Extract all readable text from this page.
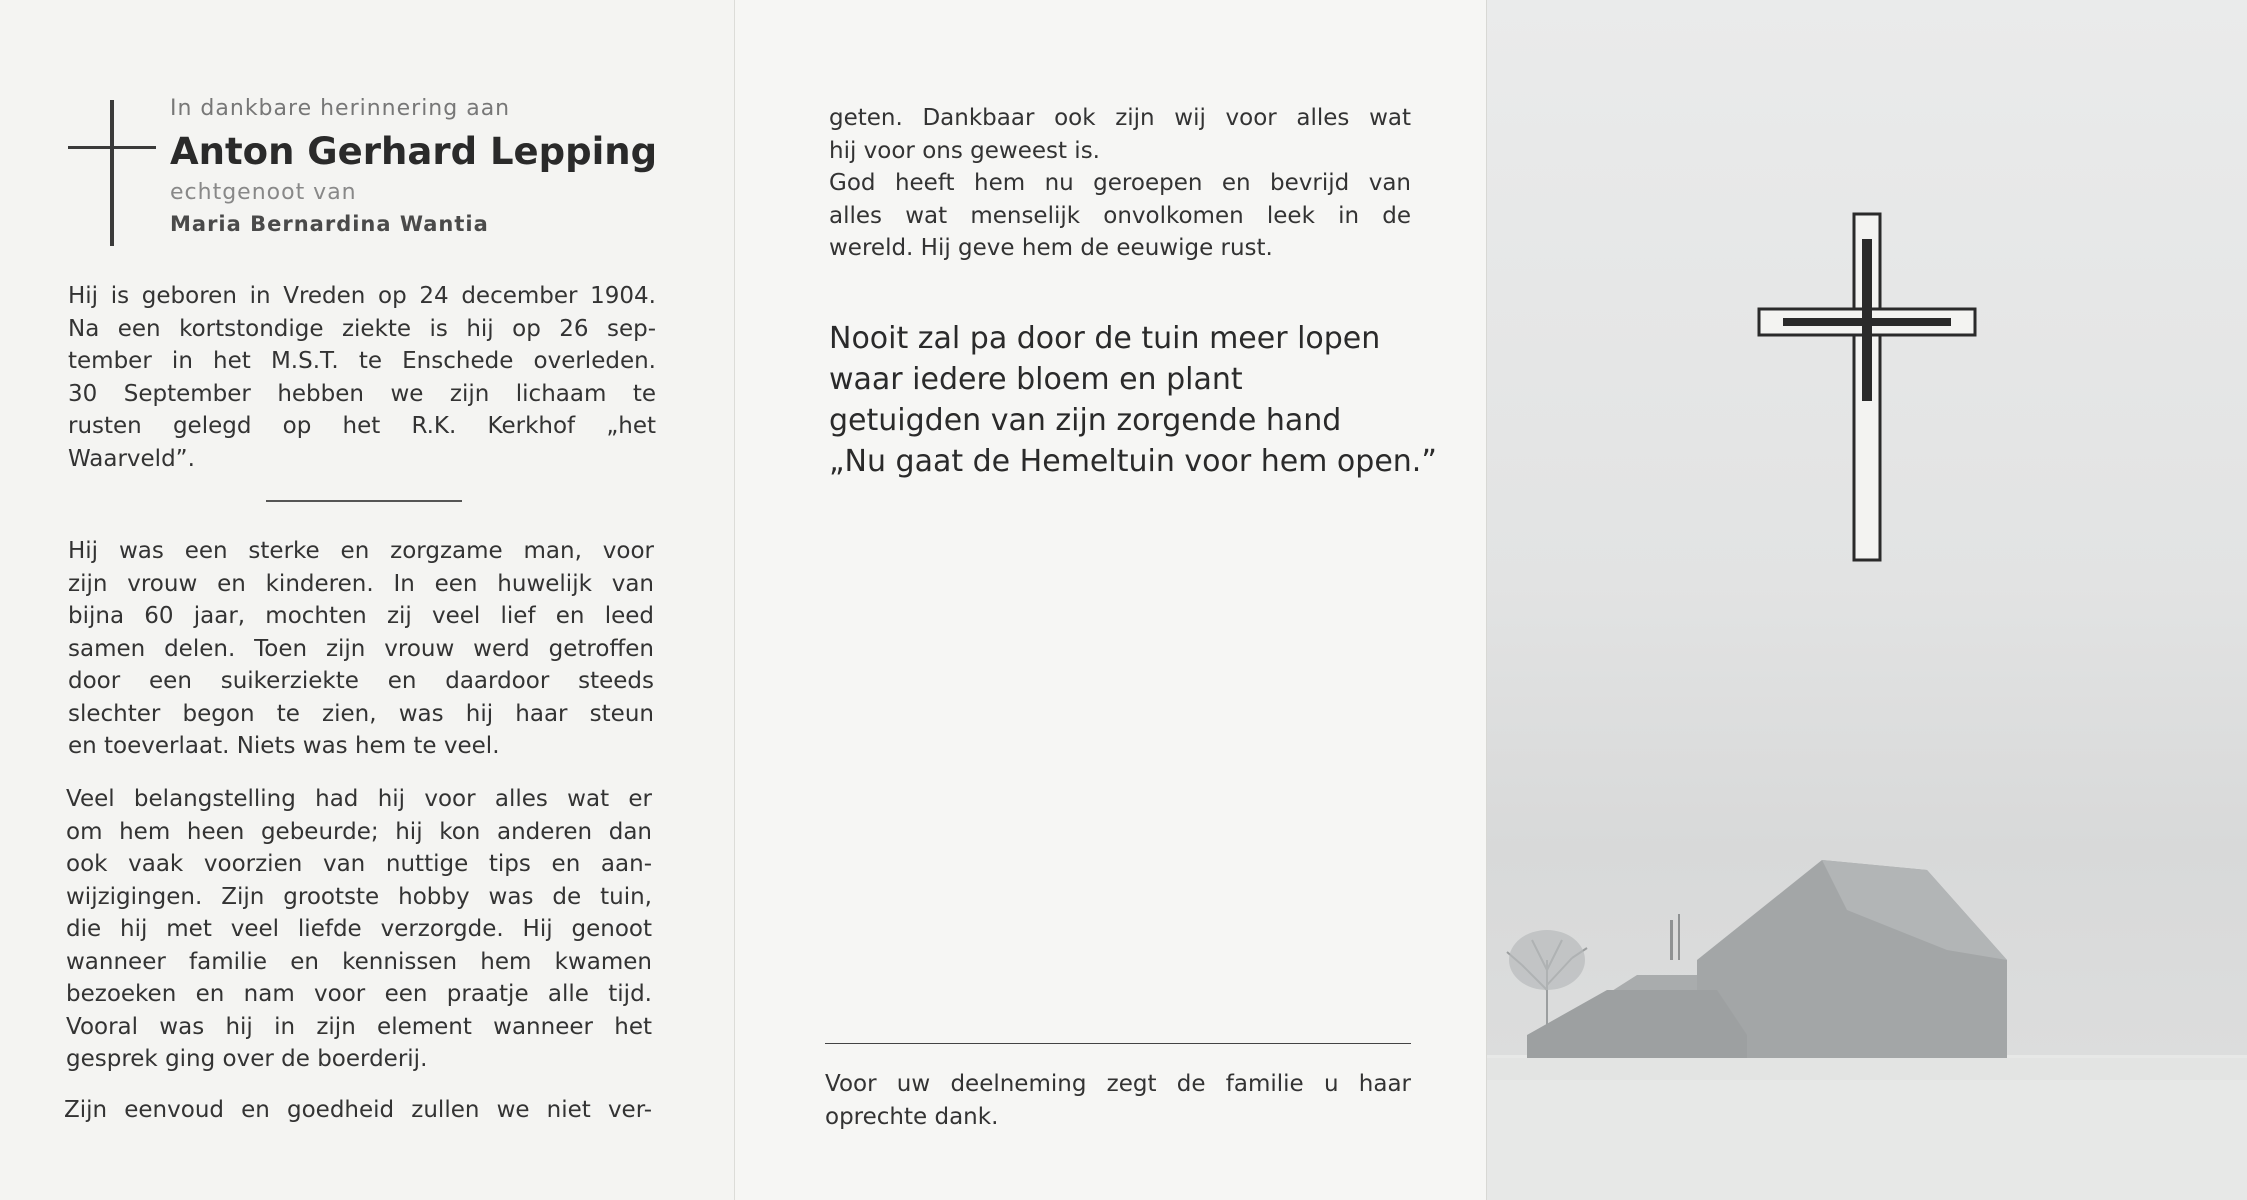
In dankbare herinnering aan
Anton Gerhard Lepping
echtgenoot van
Maria Bernardina Wantia
Hij is geboren in Vreden op 24 december 1904.
Na een kortstondige ziekte is hij op 26 sep-
tember in het M.S.T. te Enschede overleden.
30 September hebben we zijn lichaam te
rusten gelegd op het R.K. Kerkhof „het
Waarveld”.
Hij was een sterke en zorgzame man, voor
zijn vrouw en kinderen. In een huwelijk van
bijna 60 jaar, mochten zij veel lief en leed
samen delen. Toen zijn vrouw werd getroffen
door een suikerziekte en daardoor steeds
slechter begon te zien, was hij haar steun
en toeverlaat. Niets was hem te veel.
Veel belangstelling had hij voor alles wat er
om hem heen gebeurde; hij kon anderen dan
ook vaak voorzien van nuttige tips en aan-
wijzigingen. Zijn grootste hobby was de tuin,
die hij met veel liefde verzorgde. Hij genoot
wanneer familie en kennissen hem kwamen
bezoeken en nam voor een praatje alle tijd.
Vooral was hij in zijn element wanneer het
gesprek ging over de boerderij.
Zijn eenvoud en goedheid zullen we niet ver-
geten. Dankbaar ook zijn wij voor alles wat
hij voor ons geweest is.
God heeft hem nu geroepen en bevrijd van
alles wat menselijk onvolkomen leek in de
wereld. Hij geve hem de eeuwige rust.
Voor uw deelneming zegt de familie u haar
oprechte dank.
Nooit zal pa door de tuin meer lopen
waar iedere bloem en plant
getuigden van zijn zorgende hand
„Nu gaat de Hemeltuin voor hem open.”
